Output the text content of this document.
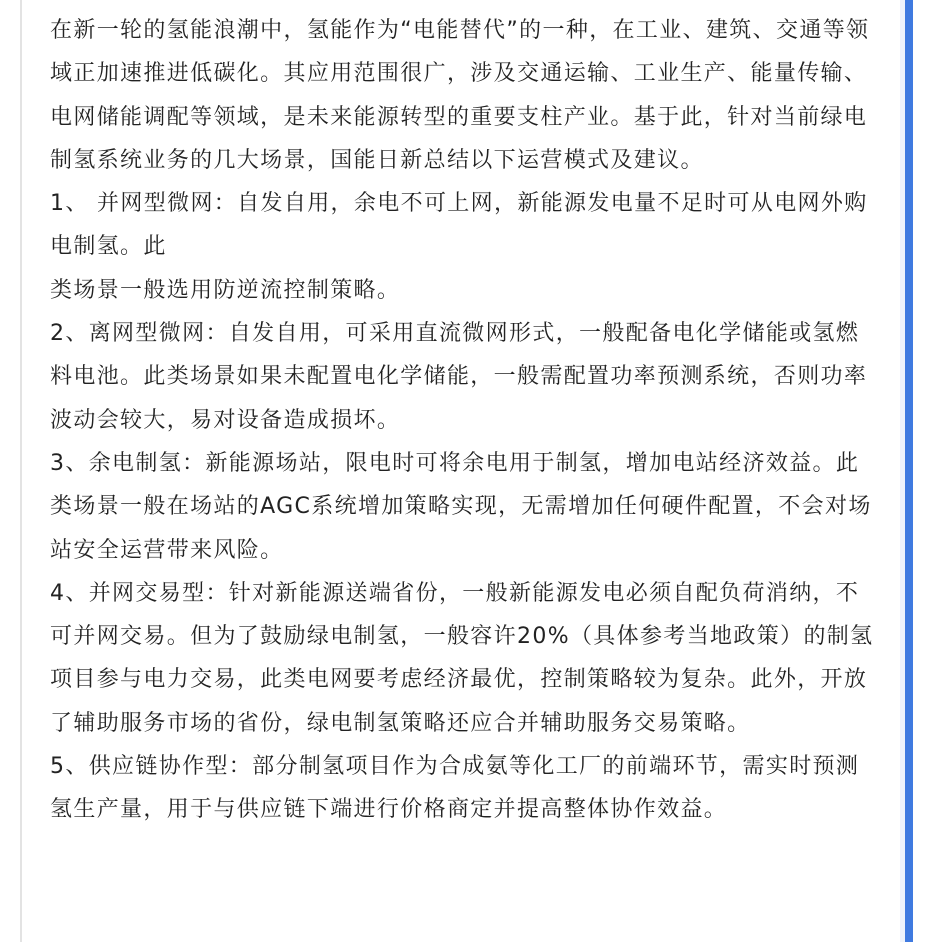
在新一轮的氢能浪潮中，氢能作为“电能替代”的一种，在工业、建筑、交通等领域正加速推进低碳化。其应用范围很广，涉及交通运输、工业生产、能量传输、电网储能调配等领域，是未来能源转型的重要支柱产业。基于此，针对当前绿电制氢系统业务的几大场景，国能日新总结以下运营模式及建议。

1、 并网型微网：自发自用，余电不可上网，新能源发电量不足时可从电网外购电制氢。此

类场景一般选用防逆流控制策略。

2、离网型微网：自发自用，可采用直流微网形式，一般配备电化学储能或氢燃料电池。此类场景如果未配置电化学储能，一般需配置功率预测系统，否则功率波动会较大，易对设备造成损坏。

3、余电制氢：新能源场站，限电时可将余电用于制氢，增加电站经济效益。此类场景一般在场站的AGC系统增加策略实现，无需增加任何硬件配置，不会对场站安全运营带来风险。

4、并网交易型：针对新能源送端省份，一般新能源发电必须自配负荷消纳，不可并网交易。但为了鼓励绿电制氢，一般容许20%（具体参考当地政策）的制氢项目参与电力交易，此类电网要考虑经济最优，控制策略较为复杂。此外，开放了辅助服务市场的省份，绿电制氢策略还应合并辅助服务交易策略。

5、供应链协作型：部分制氢项目作为合成氨等化工厂的前端环节，需实时预测氢生产量，用于与供应链下端进行价格商定并提高整体协作效益。
